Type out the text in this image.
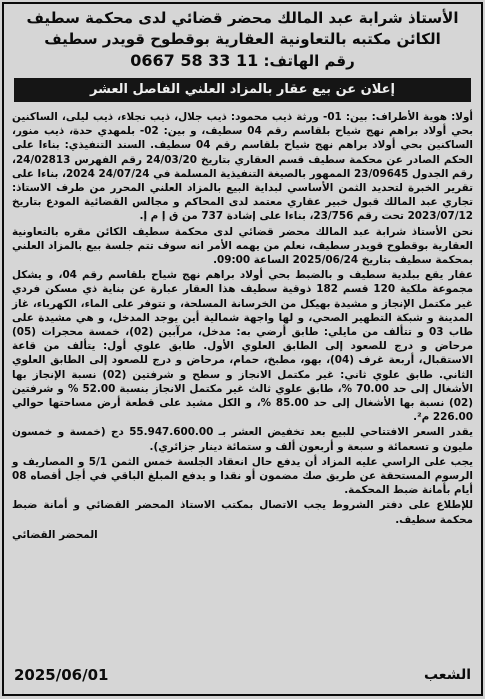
الأستاذ شرابة عبد المالك محضر قضائي لدى محكمة سطيف
الكائن مكتبه بالتعاونية العقارية بوقطوح قويدر سطيف
رقم الهاتف: 0667 58 33 11
إعلان عن بيع عقار بالمزاد العلني الفاصل العشر

أولا: هوية الأطراف: بين: 01- ورثة ذيب محمود: ذيب جلال، ذيب نجلاء، ذيب ليلى، الساكنين بحي أولاد براهم نهج شياح بلقاسم رقم 04 سطيف، و بين: 02- بلمهدي حدة، ذيب منور، الساكنين بحي أولاد براهم نهج شياح بلقاسم رقم 04 سطيف. السند التنفيذي: بناءا على الحكم الصادر عن محكمة سطيف قسم العقاري بتاريخ 24/03/20 رقم الفهرس 24/02813، رقم الجدول 23/09645 الممهور بالصيغة التنفيذية المسلمة في 24/07/24 2024، بناءا على تقرير الخبرة لتحديد الثمن الأساسي لبداية البيع بالمزاد العلني المحرر من طرف الاستاذ: تجاري عبد المالك قبول خبير عقاري معتمد لدى المحاكم و مجالس القضائية المودع بتاريخ 2023/07/12 تحت رقم 23/756، بناءا على إشادة 737 من ق إ م إ.

نحن الأستاذ شرابة عبد المالك محضر قضائي لدى محكمة سطيف الكائن مقره بالتعاونية العقارية بوقطوح قويدر سطيف، نعلم من يهمه الأمر انه سوف تتم جلسة بيع بالمزاد العلني بمحكمة سطيف بتاريخ 2025/06/24 الساعة 09:00.

عقار يقع ببلدية سطيف و بالضبط بحي أولاد براهم نهج شياح بلقاسم رقم 04، و يشكل مجموعة ملكية 120 قسم 182 ذوقية سطيف هذا العقار عبارة عن بناية ذي مسكن فردي غير مكتمل الإنجاز و مشيدة بهيكل من الخرسانة المسلحة، و تتوفر على الماء، الكهرباء، غاز المدينة و شبكة التطهير الصحي، و لها واجهة شمالية أين يوجد المدخل، و هي مشيدة على طاب 03 و تتألف من مايلي: طابق أرضي به: مدخل، مرآبين (02)، خمسة محجرات (05) مرحاض و درج للصعود إلى الطابق العلوي الأول. طابق علوي أول: يتألف من قاعة الاستقبال، أربعة غرف (04)، بهو، مطبخ، حمام، مرحاض و درج للصعود إلى الطابق العلوي الثاني. طابق علوي ثاني: غير مكتمل الانجاز و سطح و شرفتين (02) نسبة الإنجاز بها الأشغال إلى حد 70.00 %، طابق علوي ثالث غير مكتمل الانجاز بنسبة 52.00 % و شرفتين (02) نسبة بها الأشغال إلى حد 85.00 %، و الكل مشيد على قطعة أرض مساحتها حوالي 226.00 م².

يقدر السعر الافتتاحي للبيع بعد تخفيض العشر بـ 55.947.600.00 دج (خمسة و خمسون مليون و تسعمائة و سبعة و أربعون ألف و ستمائة دينار جزائري).

يجب على الراسي عليه المزاد أن يدفع حال انعقاد الجلسة خمس الثمن 5/1 و المصاريف و الرسوم المستحقة عن طريق صك مضمون أو نقدا و يدفع المبلغ الباقي في أجل أقصاه 08 أيام بأمانة ضبط المحكمة.

للإطلاع على دفتر الشروط يجب الاتصال بمكتب الاستاذ المحضر القضائي و أمانة ضبط محكمة سطيف.

المحضر القضائي
الشعب
2025/06/01
